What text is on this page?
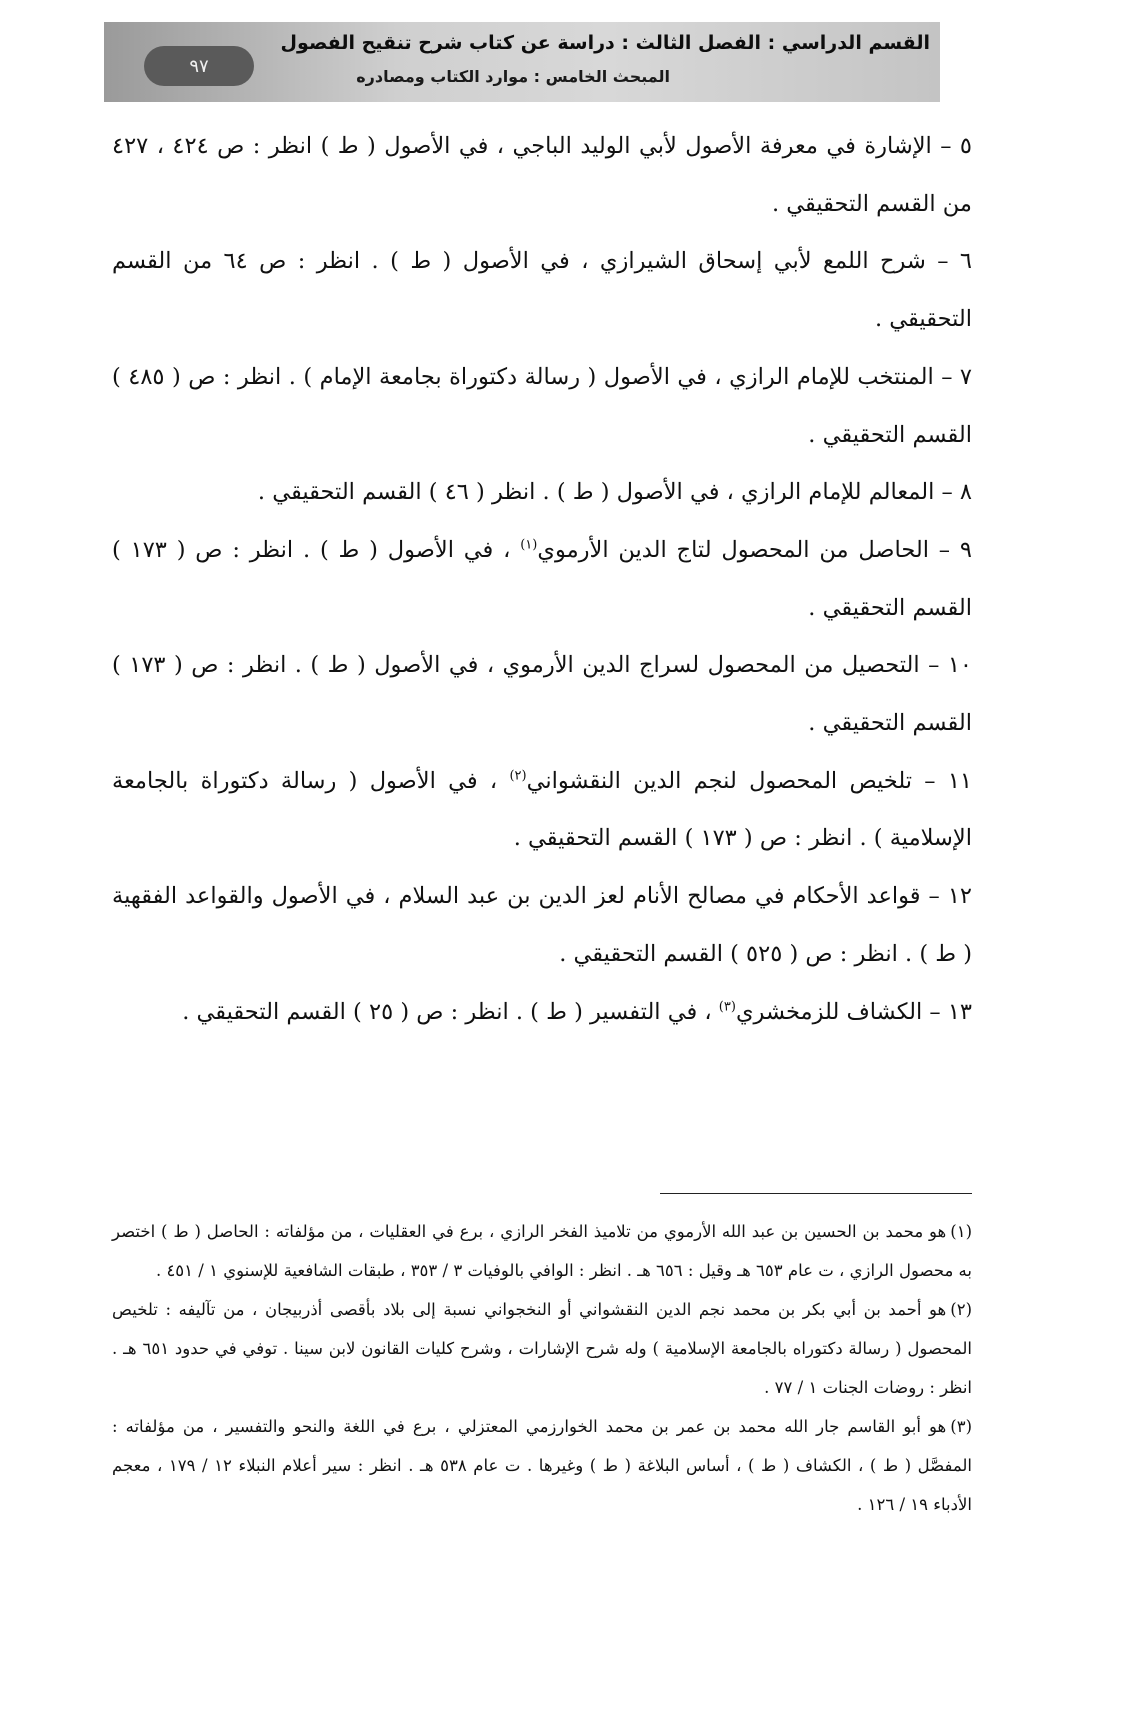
القسم الدراسي : الفصل الثالث : دراسة عن كتاب شرح تنقيح الفصول
المبحث الخامس : موارد الكتاب ومصادره
٩٧

٥ – الإشارة في معرفة الأصول لأبي الوليد الباجي ، في الأصول ( ط ) انظر : ص ٤٢٤ ، ٤٢٧ من القسم التحقيقي .

٦ – شرح اللمع لأبي إسحاق الشيرازي ، في الأصول ( ط ) . انظر : ص ٦٤ من القسم التحقيقي .

٧ – المنتخب للإمام الرازي ، في الأصول ( رسالة دكتوراة بجامعة الإمام ) . انظر : ص ( ٤٨٥ ) القسم التحقيقي .

٨ – المعالم للإمام الرازي ، في الأصول ( ط ) . انظر ( ٤٦ ) القسم التحقيقي .

٩ – الحاصل من المحصول لتاج الدين الأرموي$^{(١)}$ ، في الأصول ( ط ) . انظر : ص ( ١٧٣ ) القسم التحقيقي .

١٠ – التحصيل من المحصول لسراج الدين الأرموي ، في الأصول ( ط ) . انظر : ص ( ١٧٣ ) القسم التحقيقي .

١١ – تلخيص المحصول لنجم الدين النقشواني$^{(٢)}$ ، في الأصول ( رسالة دكتوراة بالجامعة الإسلامية ) . انظر : ص ( ١٧٣ ) القسم التحقيقي .

١٢ – قواعد الأحكام في مصالح الأنام لعز الدين بن عبد السلام ، في الأصول والقواعد الفقهية ( ط ) . انظر : ص ( ٥٢٥ ) القسم التحقيقي .

١٣ – الكشاف للزمخشري$^{(٣)}$ ، في التفسير ( ط ) . انظر : ص ( ٢٥ ) القسم التحقيقي .

(١)هو محمد بن الحسين بن عبد الله الأرموي من تلاميذ الفخر الرازي ، برع في العقليات ، من مؤلفاته : الحاصل ( ط ) اختصر به محصول الرازي ، ت عام ٦٥٣ هـ وقيل : ٦٥٦ هـ . انظر : الوافي بالوفيات ٣ / ٣٥٣ ، طبقات الشافعية للإسنوي ١ / ٤٥١ .

(٢)هو أحمد بن أبي بكر بن محمد نجم الدين النقشواني أو النخجواني نسبة إلى بلاد بأقصى أذربيجان ، من تآليفه : تلخيص المحصول ( رسالة دكتوراه بالجامعة الإسلامية ) وله شرح الإشارات ، وشرح كليات القانون لابن سينا . توفي في حدود ٦٥١ هـ . انظر : روضات الجنات ١ / ٧٧ .

(٣)هو أبو القاسم جار الله محمد بن عمر بن محمد الخوارزمي المعتزلي ، برع في اللغة والنحو والتفسير ، من مؤلفاته : المفصَّل ( ط ) ، الكشاف ( ط ) ، أساس البلاغة ( ط ) وغيرها . ت عام ٥٣٨ هـ . انظر : سير أعلام النبلاء ١٢ / ١٧٩ ، معجم الأدباء ١٩ / ١٢٦ .
